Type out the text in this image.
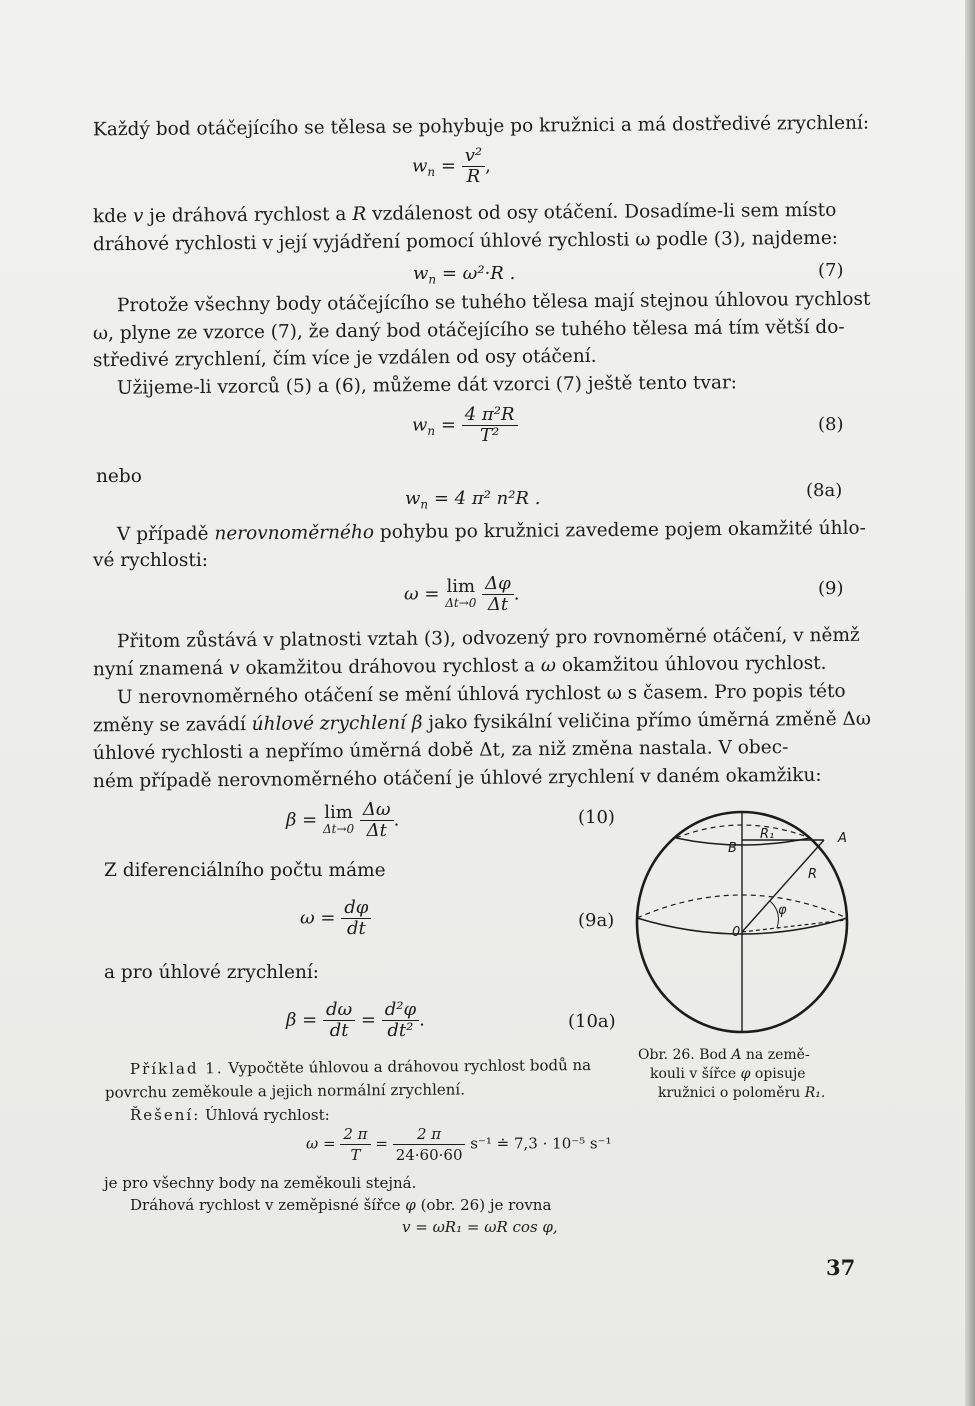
Každý bod otáčejícího se tělesa se pohybuje po kružnici a má dostředivé zrychlení:
$w_n = \frac{\text{v²}}{R}$ ,
kde v je dráhová rychlost a R vzdálenost od osy otáčení. Dosadíme-li sem místo
dráhové rychlosti v její vyjádření pomocí úhlové rychlosti ω podle (3), najdeme:
$w_n = \omega^2\cdot R$ .	(7)
Protože všechny body otáčejícího se tuhého tělesa mají stejnou úhlovou rychlost
ω, plyne ze vzorce (7), že daný bod otáčejícího se tuhého tělesa má tím větší do-
středivé zrychlení, čím více je vzdálen od osy otáčení.
Užijeme-li vzorců (5) a (6), můžeme dát vzorci (7) ještě tento tvar:
$w_n = \frac{\text{4 π²R}}{\text{T²}}$	(8)
nebo
$w_n = 4$ π² n²R .	(8a)
V případě nerovnoměrného pohybu po kružnici zavedeme pojem okamžité úhlo-
vé rychlosti:
ω = lim
Δt→0
$\frac{\Delta\varphi}{\Delta t}$ .	(9)
Přitom zůstává v platnosti vztah (3), odvozený pro rovnoměrné otáčení, v němž
nyní znamená v okamžitou dráhovou rychlost a ω okamžitou úhlovou rychlost.
U nerovnoměrného otáčení se mění úhlová rychlost ω s časem. Pro popis této
změny se zavádí úhlové zrychlení β jako fysikální veličina přímo úměrná změně Δω
úhlové rychlosti a nepřímo úměrná době Δt, za niž změna nastala. V obec-
ném případě nerovnoměrného otáčení je úhlové zrychlení v daném okamžiku:
β = lim
Δt→0
$\frac{\Delta\omega}{\Delta t}$ .	(10)
Z diferenciálního počtu máme
$\omega = \frac{d\varphi}{dt}$	(9a)
a pro úhlové zrychlení:
$\beta = \frac{d\omega}{dt} = \frac{\text{d²φ}}{\text{dt²}}$ .	(10a)
Příklad 1. Vypočtěte úhlovou a dráhovou rychlost bodů na
povrchu zeměkoule a jejich normální zrychlení.
Řešení: Úhlová rychlost:
$\omega = \frac{2 \pi}{T} = \frac{2 \pi}{24\cdot 60\cdot 60} s^{-1}$ ≐ 7,3 · 10⁻⁵ s⁻¹
je pro všechny body na zeměkouli stejná.
Dráhová rychlost v zeměpisné šířce φ (obr. 26) je rovna
v = ωR₁ = ωR cos φ,
B
R₁	A
R
φ
0
Obr. 26. Bod A na země-
kouli v šířce φ opisuje
kružnici o poloměru R₁.
37
